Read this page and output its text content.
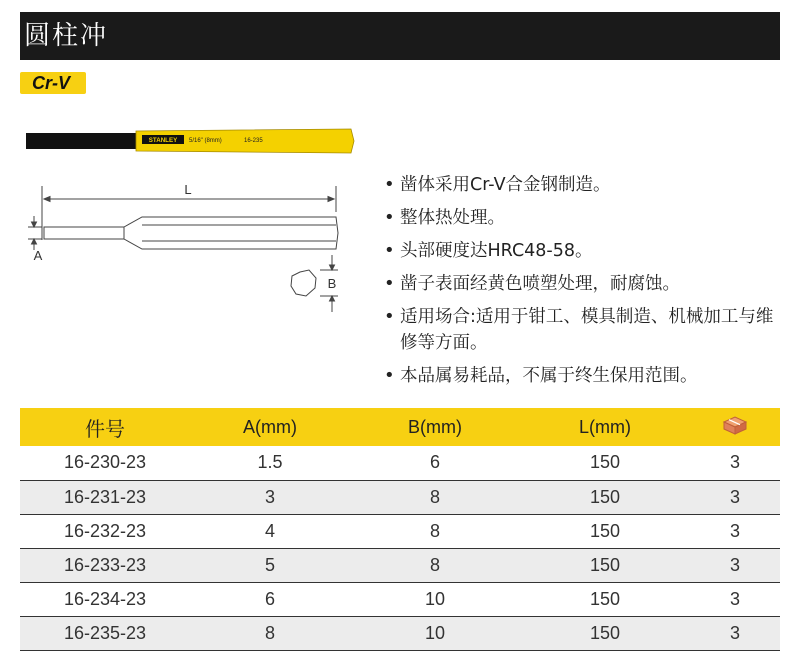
圆柱冲
Cr-V
STANLEY 5/16" (8mm)	16-235
L
A
B
• 凿体采用Cr-V合金钢制造。
• 整体热处理。
• 头部硬度达HRC48-58。
• 凿子表面经黄色喷塑处理，耐腐蚀。
• 适用场合:适用于钳工、模具制造、机械加工与维修等方面。
• 本品属易耗品，不属于终生保用范围。
件号	A(mm)	B(mm)	L(mm)	
16-230-23	1.5	6	150	3
16-231-23	3	8	150	3
16-232-23	4	8	150	3
16-233-23	5	8	150	3
16-234-23	6	10	150	3
16-235-23	8	10	150	3
